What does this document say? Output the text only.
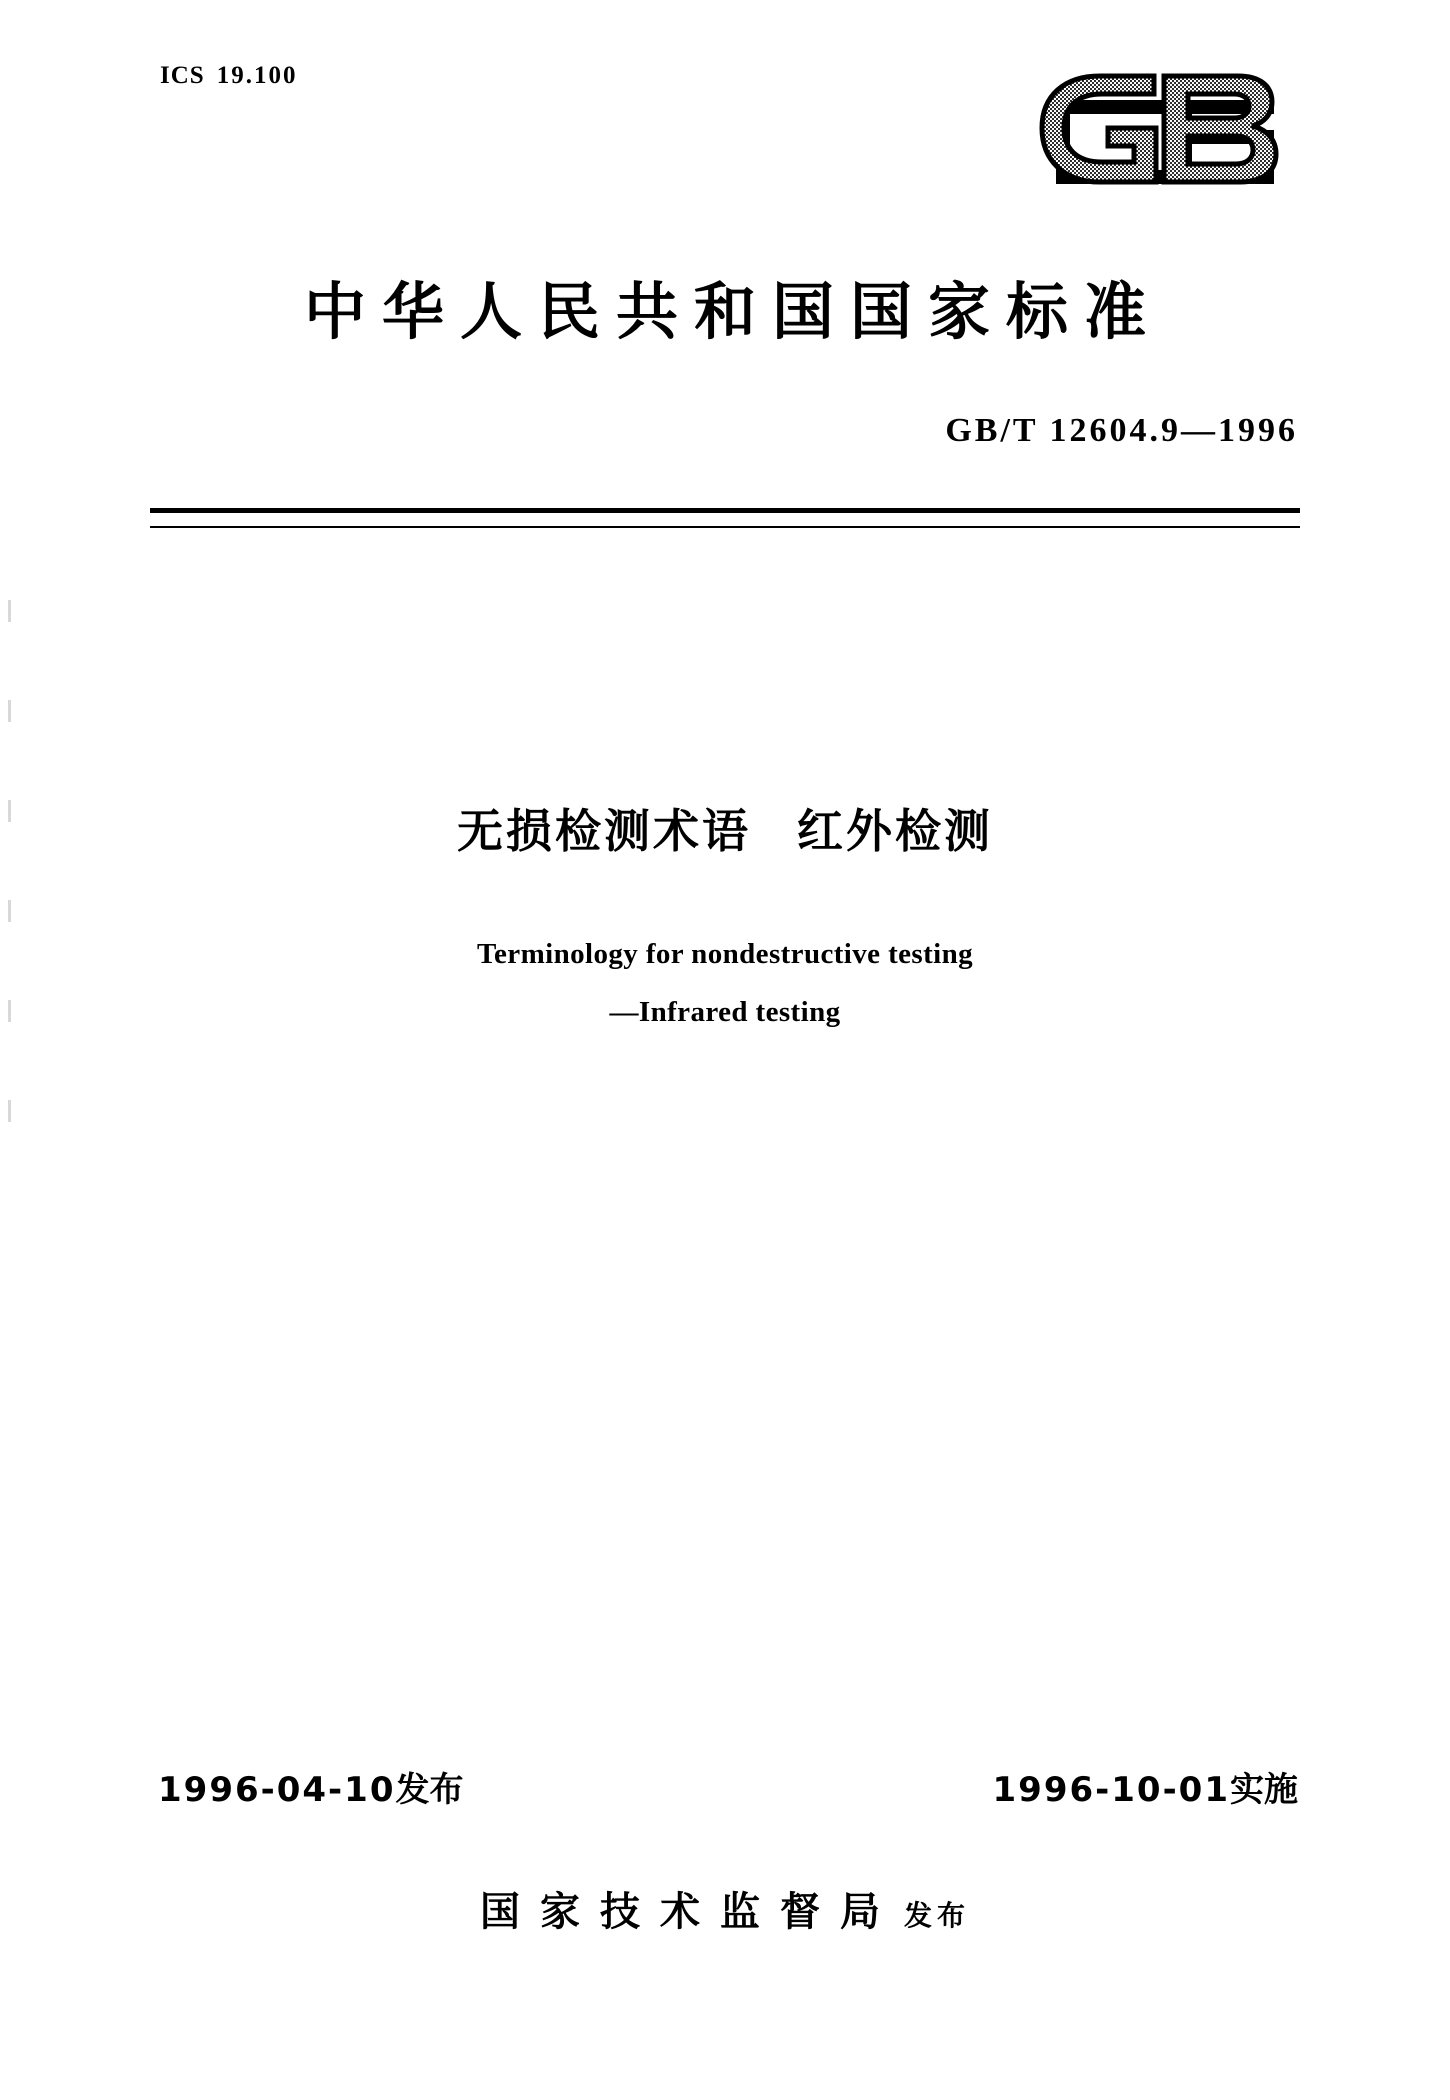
ICS 19.100
中华人民共和国国家标准
GB/T 12604.9—1996
无损检测术语 红外检测
Terminology for nondestructive testing
—Infrared testing
1996-04-10发布	1996-10-01实施
国家技术监督局 发布
